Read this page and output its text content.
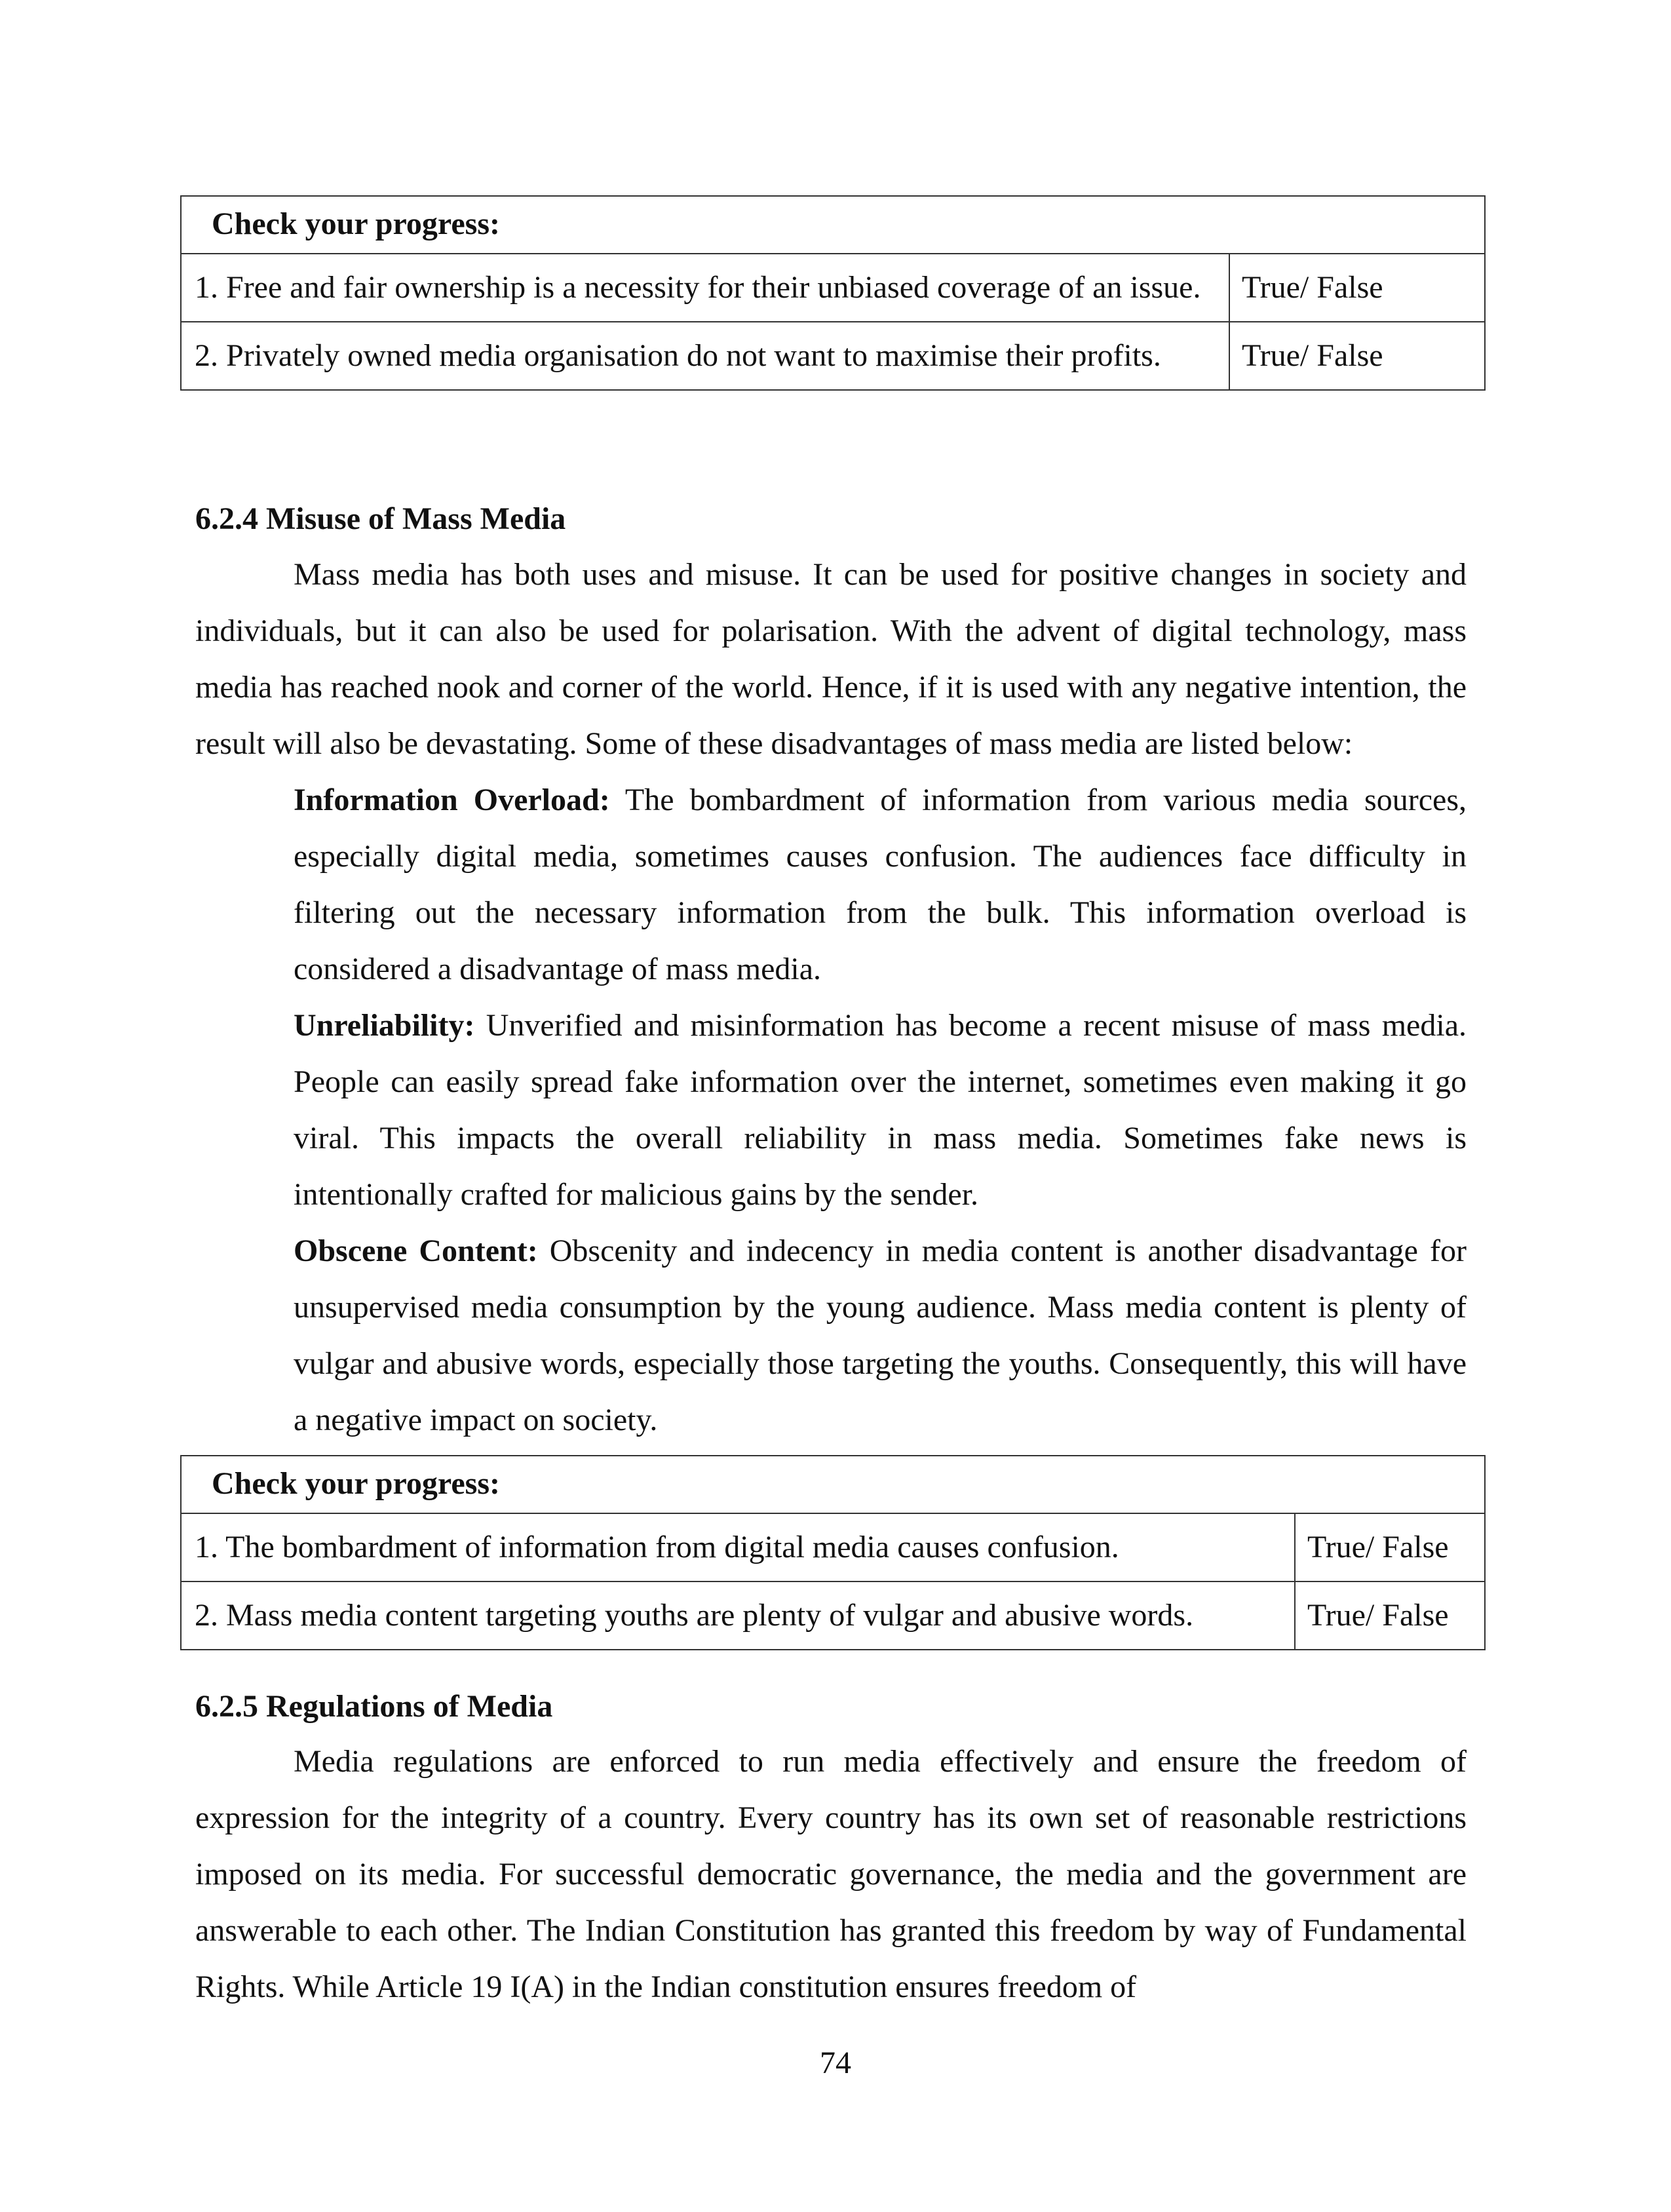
Check your progress:	
1. Free and fair ownership is a necessity for their unbiased coverage of an issue.	True/ False
2. Privately owned media organisation do not want to maximise their profits.	True/ False
6.2.4 Misuse of Mass Media

Mass media has both uses and misuse. It can be used for positive changes in society and individuals, but it can also be used for polarisation. With the advent of digital technology, mass media has reached nook and corner of the world. Hence, if it is used with any negative intention, the result will also be devastating. Some of these disadvantages of mass media are listed below:

Information Overload: The bombardment of information from various media sources, especially digital media, sometimes causes confusion. The audiences face difficulty in filtering out the necessary information from the bulk. This information overload is considered a disadvantage of mass media.

Unreliability: Unverified and misinformation has become a recent misuse of mass media. People can easily spread fake information over the internet, sometimes even making it go viral. This impacts the overall reliability in mass media. Sometimes fake news is intentionally crafted for malicious gains by the sender.

Obscene Content: Obscenity and indecency in media content is another disadvantage for unsupervised media consumption by the young audience. Mass media content is plenty of vulgar and abusive words, especially those targeting the youths. Consequently, this will have a negative impact on society.

Check your progress:	
1. The bombardment of information from digital media causes confusion.	True/ False
2. Mass media content targeting youths are plenty of vulgar and abusive words.	True/ False
6.2.5 Regulations of Media

Media regulations are enforced to run media effectively and ensure the freedom of expression for the integrity of a country. Every country has its own set of reasonable restrictions imposed on its media. For successful democratic governance, the media and the government are answerable to each other. The Indian Constitution has granted this freedom by way of Fundamental Rights. While Article 19 I(A) in the Indian constitution ensures freedom of

74
